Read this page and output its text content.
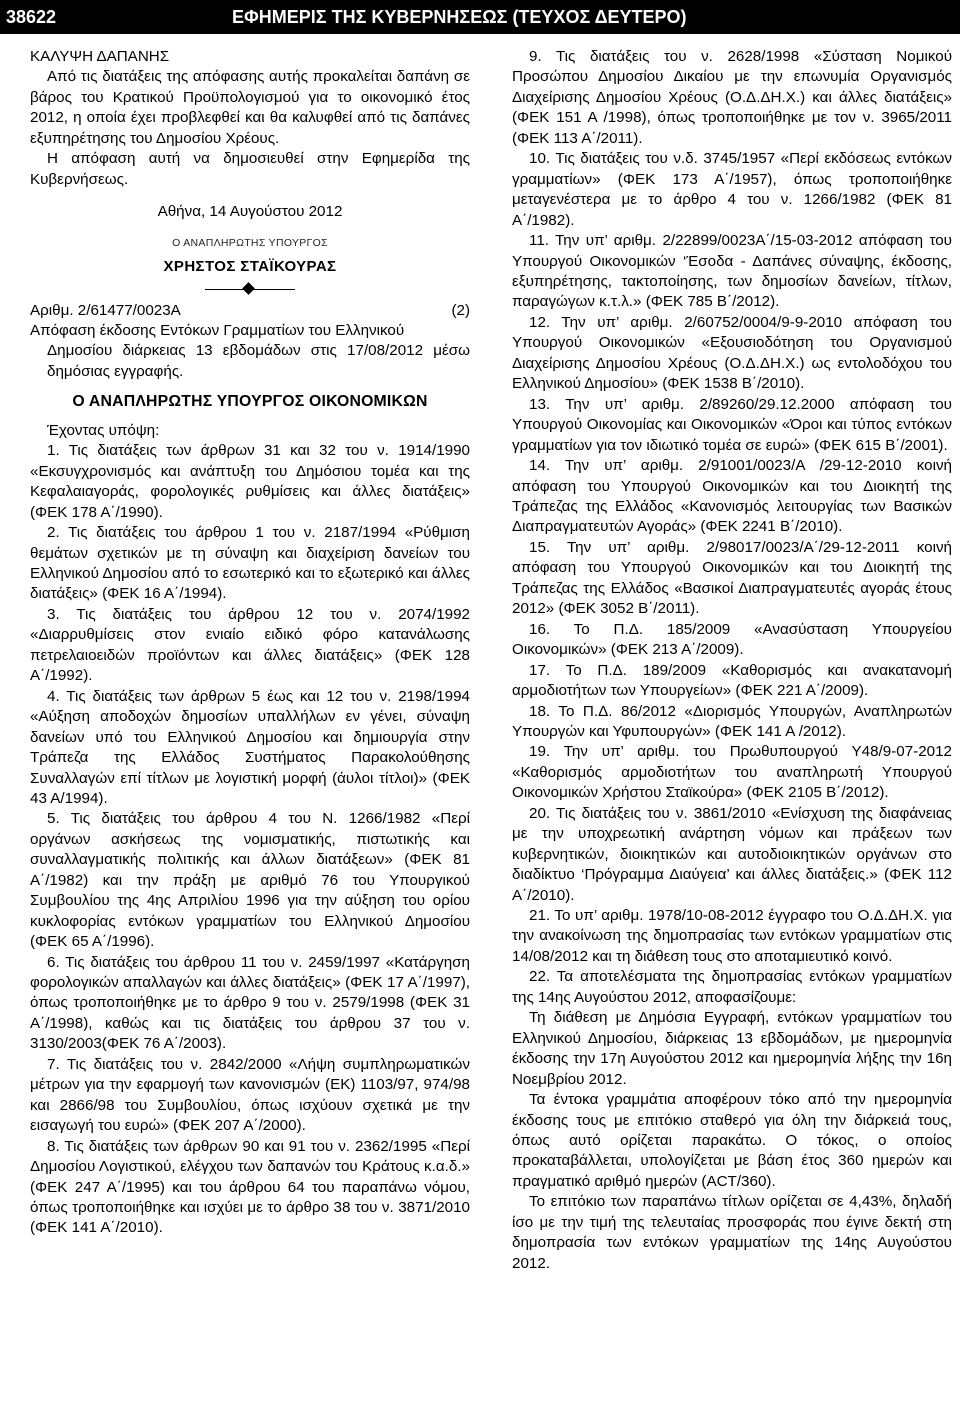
38622	ΕΦΗΜΕΡΙΣ ΤΗΣ ΚΥΒΕΡΝΗΣΕΩΣ (ΤΕΥΧΟΣ ΔΕΥΤΕΡΟ)

ΚΑΛΥΨΗ ΔΑΠΑΝΗΣ

Από τις διατάξεις της απόφασης αυτής προκαλείται δαπάνη σε βάρος του Κρατικού Προϋπολογισμού για το οικονομικό έτος 2012, η οποία έχει προβλεφθεί και θα καλυφθεί από τις δαπάνες εξυπηρέτησης του Δημοσίου Χρέους.

Η απόφαση αυτή να δημοσιευθεί στην Εφημερίδα της Κυβερνήσεως.

Αθήνα, 14 Αυγούστου 2012
Ο ΑΝΑΠΛΗΡΩΤΗΣ ΥΠΟΥΡΓΟΣ
ΧΡΗΣΤΟΣ ΣΤΑΪΚΟΥΡΑΣ
Αριθμ. 2/61477/0023Α	(2)
Απόφαση έκδοσης Εντόκων Γραμματίων του Ελληνικού
Δημοσίου διάρκειας 13 εβδομάδων στις 17/08/2012 μέσω δημόσιας εγγραφής.
Ο ΑΝΑΠΛΗΡΩΤΗΣ ΥΠΟΥΡΓΟΣ ΟΙΚΟΝΟΜΙΚΩΝ

Έχοντας υπόψη:

1. Τις διατάξεις των άρθρων 31 και 32 του ν. 1914/1990 «Εκσυγχρονισμός και ανάπτυξη του Δημόσιου τομέα και της Κεφαλαιαγοράς, φορολογικές ρυθμίσεις και άλλες διατάξεις» (ΦΕΚ 178 Α΄/1990).

2. Τις διατάξεις του άρθρου 1 του ν. 2187/1994 «Ρύθμιση θεμάτων σχετικών με τη σύναψη και διαχείριση δανείων του Ελληνικού Δημοσίου από το εσωτερικό και το εξωτερικό και άλλες διατάξεις» (ΦΕΚ 16 Α΄/1994).

3. Τις διατάξεις του άρθρου 12 του ν. 2074/1992 «Διαρρυθμίσεις στον ενιαίο ειδικό φόρο κατανάλωσης πετρελαιοειδών προϊόντων και άλλες διατάξεις» (ΦΕΚ 128 Α΄/1992).

4. Τις διατάξεις των άρθρων 5 έως και 12 του ν. 2198/1994 «Αύξηση αποδοχών δημοσίων υπαλλήλων εν γένει, σύναψη δανείων υπό του Ελληνικού Δημοσίου και δημιουργία στην Τράπεζα της Ελλάδος Συστήματος Παρακολούθησης Συναλλαγών επί τίτλων με λογιστική μορφή (άυλοι τίτλοι)» (ΦΕΚ 43 Α/1994).

5. Τις διατάξεις του άρθρου 4 του Ν. 1266/1982 «Περί οργάνων ασκήσεως της νομισματικής, πιστωτικής και συναλλαγματικής πολιτικής και άλλων διατάξεων» (ΦΕΚ 81 Α΄/1982) και την πράξη με αριθμό 76 του Υπουργικού Συμβουλίου της 4ης Απριλίου 1996 για την αύξηση του ορίου κυκλοφορίας εντόκων γραμματίων του Ελληνικού Δημοσίου (ΦΕΚ 65 Α΄/1996).

6. Τις διατάξεις του άρθρου 11 του ν. 2459/1997 «Κατάργηση φορολογικών απαλλαγών και άλλες διατάξεις» (ΦΕΚ 17 Α΄/1997), όπως τροποποιήθηκε με το άρθρο 9 του ν. 2579/1998 (ΦΕΚ 31 Α΄/1998), καθώς και τις διατάξεις του άρθρου 37 του ν. 3130/2003(ΦΕΚ 76 Α΄/2003).

7. Τις διατάξεις του ν. 2842/2000 «Λήψη συμπληρωματικών μέτρων για την εφαρμογή των κανονισμών (ΕΚ) 1103/97, 974/98 και 2866/98 του Συμβουλίου, όπως ισχύουν σχετικά με την εισαγωγή του ευρώ» (ΦΕΚ 207 Α΄/2000).

8. Τις διατάξεις των άρθρων 90 και 91 του ν. 2362/1995 «Περί Δημοσίου Λογιστικού, ελέγχου των δαπανών του Κράτους κ.α.δ.» (ΦΕΚ 247 Α΄/1995) και του άρθρου 64 του παραπάνω νόμου, όπως τροποποιήθηκε και ισχύει με το άρθρο 38 του ν. 3871/2010 (ΦΕΚ 141 Α΄/2010).

9. Τις διατάξεις του ν. 2628/1998 «Σύσταση Νομικού Προσώπου Δημοσίου Δικαίου με την επωνυμία Οργανισμός Διαχείρισης Δημοσίου Χρέους (Ο.Δ.ΔΗ.Χ.) και άλλες διατάξεις» (ΦΕΚ 151 Α /1998), όπως τροποποιήθηκε με τον ν. 3965/2011 (ΦΕΚ 113 Α΄/2011).

10. Τις διατάξεις του ν.δ. 3745/1957 «Περί εκδόσεως εντόκων γραμματίων» (ΦΕΚ 173 Α΄/1957), όπως τροποποιήθηκε μεταγενέστερα με το άρθρο 4 του ν. 1266/1982 (ΦΕΚ 81 Α΄/1982).

11. Την υπ’ αριθμ. 2/22899/0023Α΄/15-03-2012 απόφαση του Υπουργού Οικονομικών ‘Έσοδα - Δαπάνες σύναψης, έκδοσης, εξυπηρέτησης, τακτοποίησης, των δημοσίων δανείων, τίτλων, παραγώγων κ.τ.λ.» (ΦΕΚ 785 Β΄/2012).

12. Την υπ’ αριθμ. 2/60752/0004/9-9-2010 απόφαση του Υπουργού Οικονομικών «Εξουσιοδότηση του Οργανισμού Διαχείρισης Δημοσίου Χρέους (Ο.Δ.ΔΗ.Χ.) ως εντολοδόχου του Ελληνικού Δημοσίου» (ΦΕΚ 1538 Β΄/2010).

13. Την υπ’ αριθμ. 2/89260/29.12.2000 απόφαση του Υπουργού Οικονομίας και Οικονομικών «Όροι και τύπος εντόκων γραμματίων για τον ιδιωτικό τομέα σε ευρώ» (ΦΕΚ 615 Β΄/2001).

14. Την υπ’ αριθμ. 2/91001/0023/Α /29-12-2010 κοινή απόφαση του Υπουργού Οικονομικών και του Διοικητή της Τράπεζας της Ελλάδος «Κανονισμός λειτουργίας των Βασικών Διαπραγματευτών Αγοράς» (ΦΕΚ 2241 Β΄/2010).

15. Την υπ’ αριθμ. 2/98017/0023/Α΄/29-12-2011 κοινή απόφαση του Υπουργού Οικονομικών και του Διοικητή της Τράπεζας της Ελλάδος «Βασικοί Διαπραγματευτές αγοράς έτους 2012» (ΦΕΚ 3052 Β΄/2011).

16. Το Π.Δ. 185/2009 «Ανασύσταση Υπουργείου Οικονομικών» (ΦΕΚ 213 Α΄/2009).

17. Το Π.Δ. 189/2009 «Καθορισμός και ανακατανομή αρμοδιοτήτων των Υπουργείων» (ΦΕΚ 221 Α΄/2009).

18. Το Π.Δ. 86/2012 «Διορισμός Υπουργών, Αναπληρωτών Υπουργών και Υφυπουργών» (ΦΕΚ 141 Α /2012).

19. Την υπ’ αριθμ. του Πρωθυπουργού Υ48/9-07-2012 «Καθορισμός αρμοδιοτήτων του αναπληρωτή Υπουργού Οικονομικών Χρήστου Σταϊκούρα» (ΦΕΚ 2105 Β΄/2012).

20. Τις διατάξεις του ν. 3861/2010 «Ενίσχυση της διαφάνειας με την υποχρεωτική ανάρτηση νόμων και πράξεων των κυβερνητικών, διοικητικών και αυτοδιοικητικών οργάνων στο διαδίκτυο ‘Πρόγραμμα Διαύγεια’ και άλλες διατάξεις.» (ΦΕΚ 112 Α΄/2010).

21. Το υπ’ αριθμ. 1978/10-08-2012 έγγραφο του Ο.Δ.ΔΗ.Χ. για την ανακοίνωση της δημοπρασίας των εντόκων γραμματίων στις 14/08/2012 και τη διάθεση τους στο αποταμιευτικό κοινό.

22. Τα αποτελέσματα της δημοπρασίας εντόκων γραμματίων της 14ης Αυγούστου 2012, αποφασίζουμε:

Τη διάθεση με Δημόσια Εγγραφή, εντόκων γραμματίων του Ελληνικού Δημοσίου, διάρκειας 13 εβδομάδων, με ημερομηνία έκδοσης την 17η Αυγούστου 2012 και ημερομηνία λήξης την 16η Νοεμβρίου 2012.

Τα έντοκα γραμμάτια αποφέρουν τόκο από την ημερομηνία έκδοσης τους με επιτόκιο σταθερό για όλη την διάρκειά τους, όπως αυτό ορίζεται παρακάτω. Ο τόκος, ο οποίος προκαταβάλλεται, υπολογίζεται με βάση έτος 360 ημερών και πραγματικό αριθμό ημερών (ACT/360).

Το επιτόκιο των παραπάνω τίτλων ορίζεται σε 4,43%, δηλαδή ίσο με την τιμή της τελευταίας προσφοράς που έγινε δεκτή στη δημοπρασία των εντόκων γραμματίων της 14ης Αυγούστου 2012.
